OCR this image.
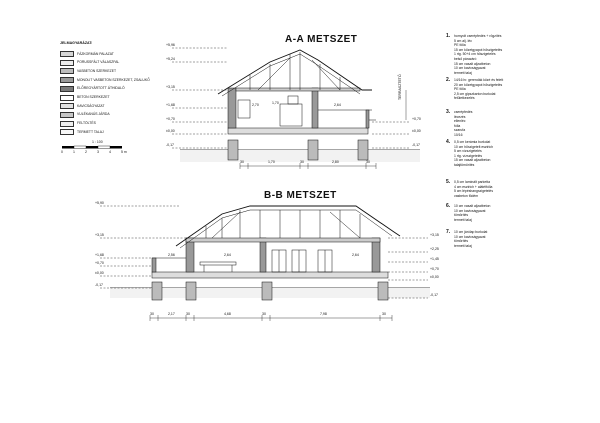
A-A METSZET
B-B METSZET
JELMAGYARÁZAT:
FÁZKORMÁN PALAZAT
PORUSSFÁLT VÁLASZFAL
VASBETON SZERKEZET
MONOLIT VASBETON SZERKEZET, ZSALUKŐ
ELŐREGYÁRTOTT ÁTHIDALÓ
BETON SZERKEZET
KAVICSÁGYAZAT
VULÉKANÚS JÁRDA
FELTÖLTÉS
TERMETT TALAJ
1 : 100
0	1	2	3	4	5 m
+5,96
+5,24
+3,15
+1,68
+0,70
±0,00
-0,17
+0,70
±0,00
-0,17
TERRASZTETŐ
2,70	1,70	2,64
30	1,70	30	2,80	30
+5,90
+3,15
+1,68
+0,70
±0,00
-0,17
+3,15
+2,25
+1,45
+0,70
±0,00
-0,17
2,56	2,64	2,64
30	2,17	30	4,68	30	7,98	30
1.	hornyolt cserépfedés + rögzítés
5 cm alj. léc
PE fólia
15 cm kőzetgyapot hőszigetelés
1 rtg. 50+4 cm hőszigetelés
belső párazáró
15 cm vasalt aljzatbeton
10 cm kavicságyazat
termett talaj
2.	14/16 hr. gerendák közé és felett
20 cm kőzetgyapot hőszigetelés
PE fólia
2,5 cm gipszkarton burkolat
felületkezelés
3.	cserépfedés
lécezés
ellenléc
fólia
szarufa
10/16
4.	0,5 cm kerámia burkolat
10 cm hőszigetelt esztrich
5 cm vízszigetelés
1 rtg. vízszigetelés
15 cm vasalt aljzatbeton
talajtömörítés
5.	0,5 cm laminált parketta
4 cm esztrich + alátétfólia
5 cm lépéshangszigetelés
vasbeton födém
6.	10 cm vasalt aljzatbeton
10 cm kavicságyazat
tömörítés
termett talaj
7.	10 cm járólap burkolat
10 cm kavicságyazat
tömörítés
termett talaj
